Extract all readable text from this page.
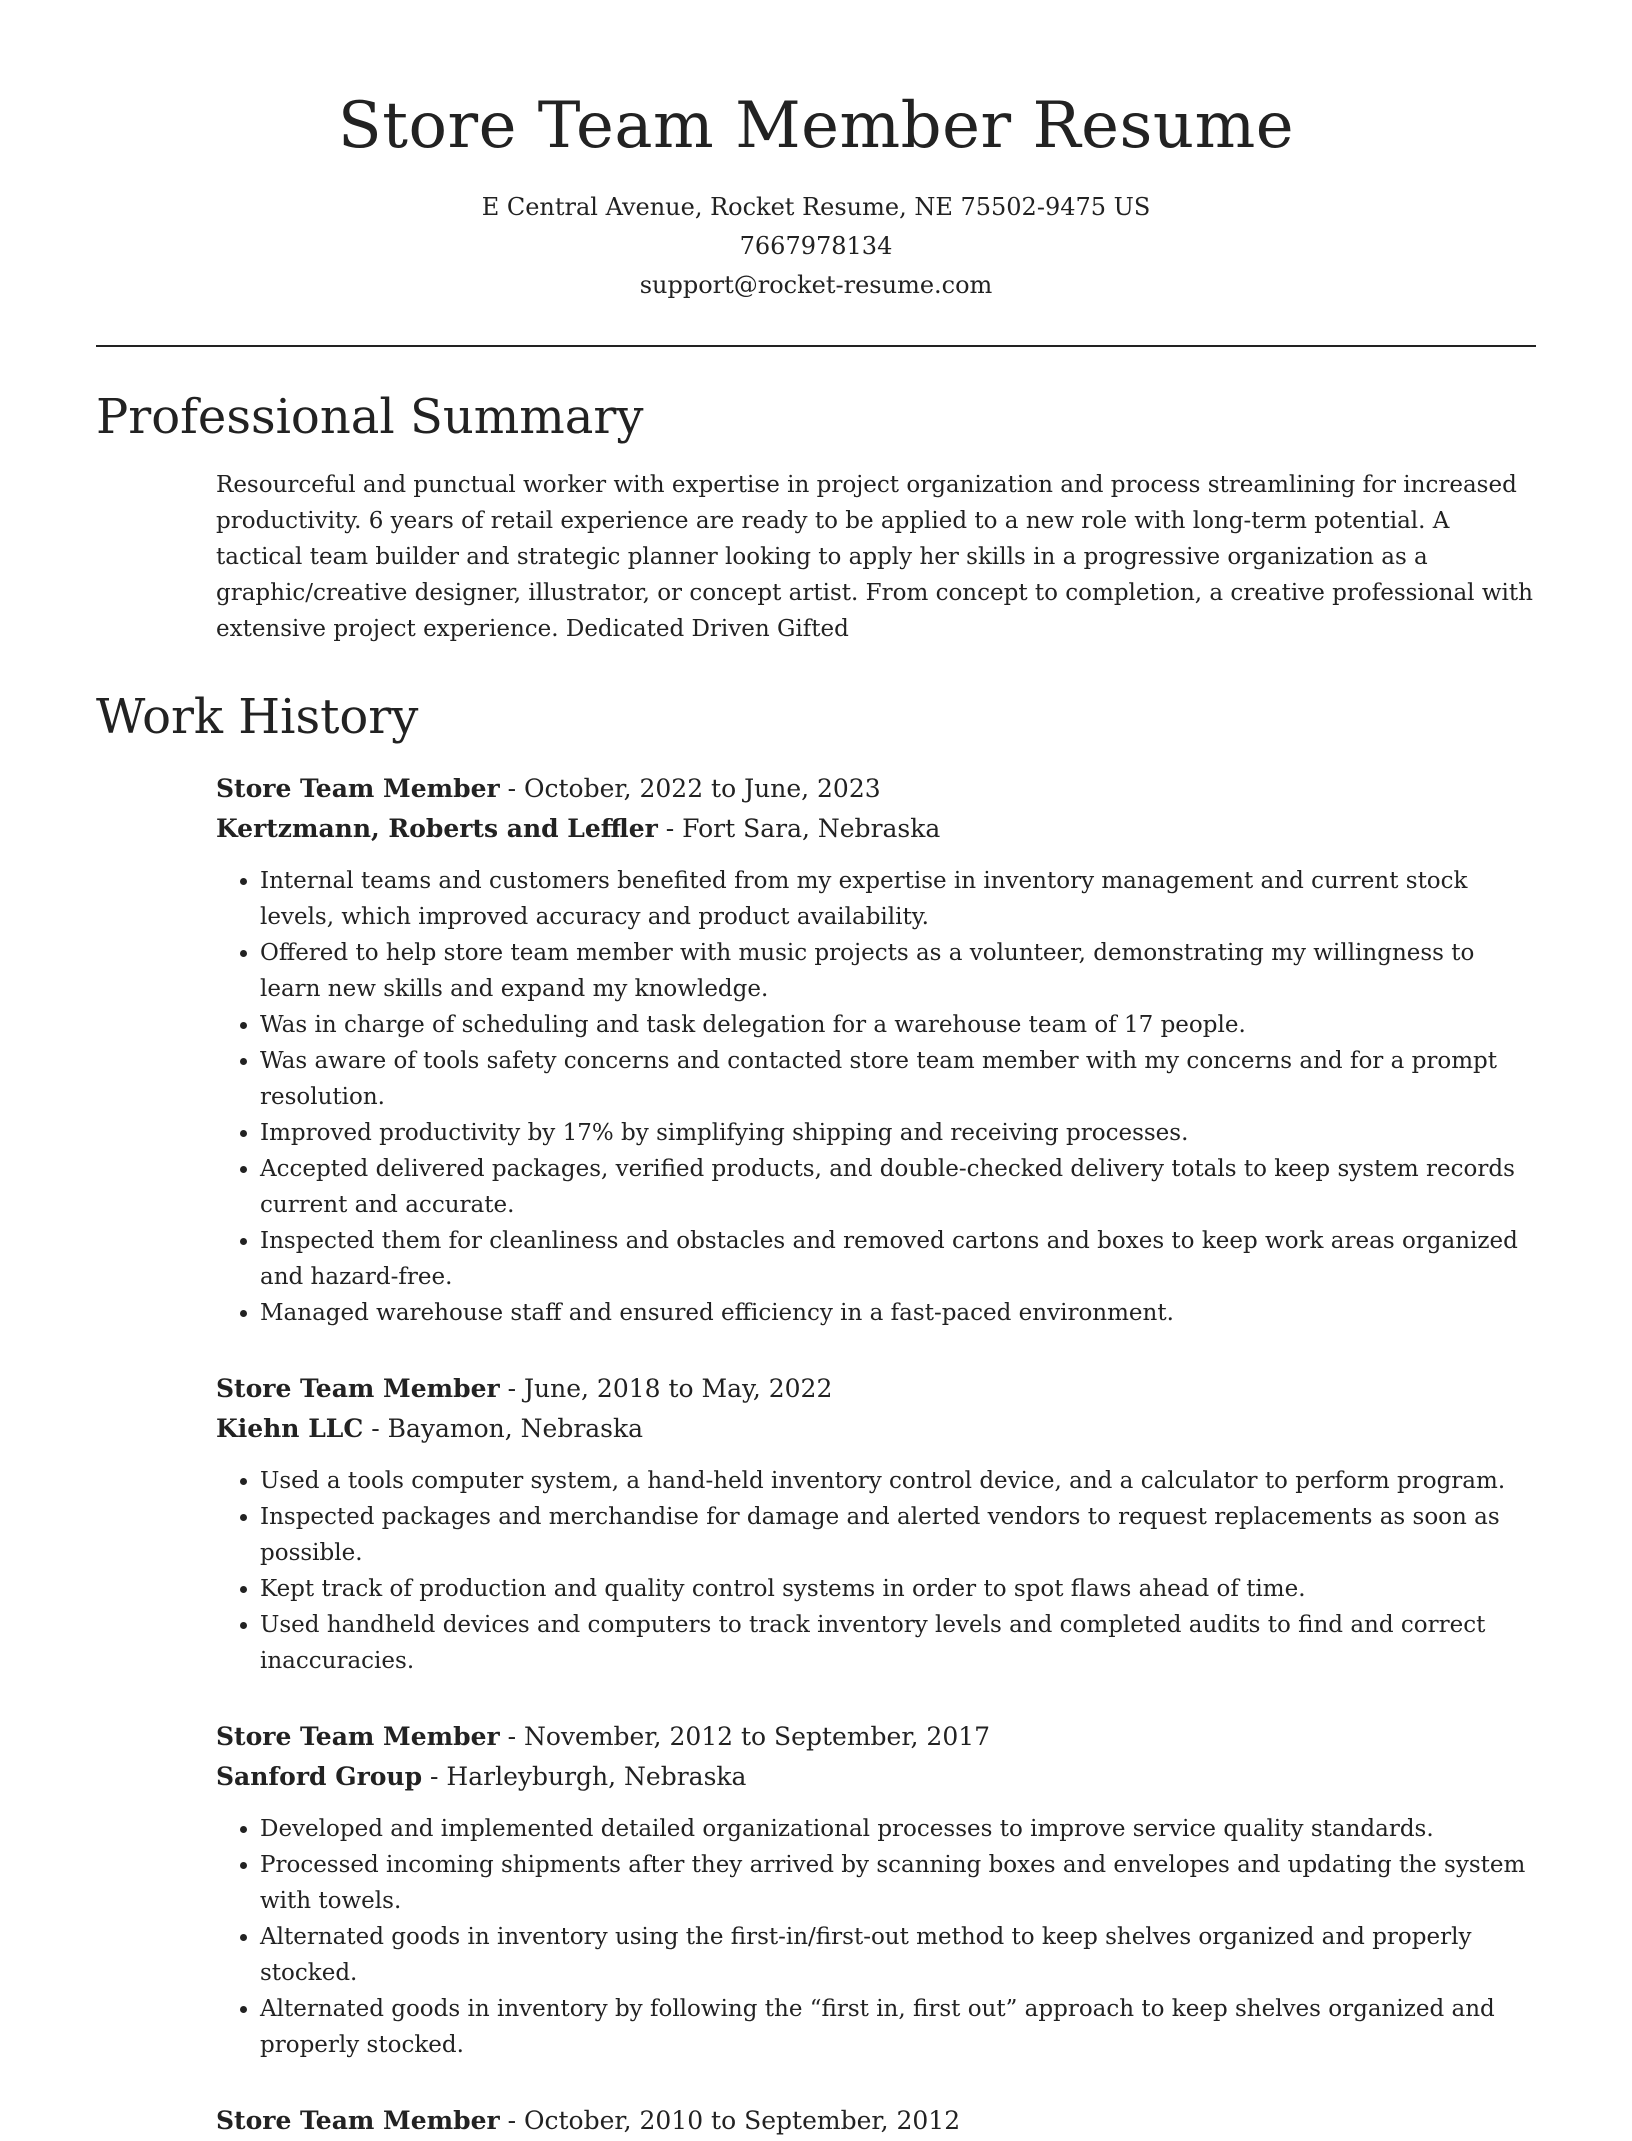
Store Team Member Resume
E Central Avenue, Rocket Resume, NE 75502-9475 US
7667978134
support@rocket-resume.com
Professional Summary

Resourceful and punctual worker with expertise in project organization and process streamlining for increased productivity. 6 years of retail experience are ready to be applied to a new role with long-term potential. A tactical team builder and strategic planner looking to apply her skills in a progressive organization as a graphic/creative designer, illustrator, or concept artist. From concept to completion, a creative professional with extensive project experience. Dedicated Driven Gifted

Work History
Store Team Member - October, 2022 to June, 2023
Kertzmann, Roberts and Leffler - Fort Sara, Nebraska
• Internal teams and customers benefited from my expertise in inventory management and current stock levels, which improved accuracy and product availability.
• Offered to help store team member with music projects as a volunteer, demonstrating my willingness to learn new skills and expand my knowledge.
• Was in charge of scheduling and task delegation for a warehouse team of 17 people.
• Was aware of tools safety concerns and contacted store team member with my concerns and for a prompt resolution.
• Improved productivity by 17% by simplifying shipping and receiving processes.
• Accepted delivered packages, verified products, and double-checked delivery totals to keep system records current and accurate.
• Inspected them for cleanliness and obstacles and removed cartons and boxes to keep work areas organized and hazard-free.
• Managed warehouse staff and ensured efficiency in a fast-paced environment.
Store Team Member - June, 2018 to May, 2022
Kiehn LLC - Bayamon, Nebraska
• Used a tools computer system, a hand-held inventory control device, and a calculator to perform program.
• Inspected packages and merchandise for damage and alerted vendors to request replacements as soon as possible.
• Kept track of production and quality control systems in order to spot flaws ahead of time.
• Used handheld devices and computers to track inventory levels and completed audits to find and correct inaccuracies.
Store Team Member - November, 2012 to September, 2017
Sanford Group - Harleyburgh, Nebraska
• Developed and implemented detailed organizational processes to improve service quality standards.
• Processed incoming shipments after they arrived by scanning boxes and envelopes and updating the system with towels.
• Alternated goods in inventory using the first-in/first-out method to keep shelves organized and properly stocked.
• Alternated goods in inventory by following the “first in, first out” approach to keep shelves organized and properly stocked.
Store Team Member - October, 2010 to September, 2012
